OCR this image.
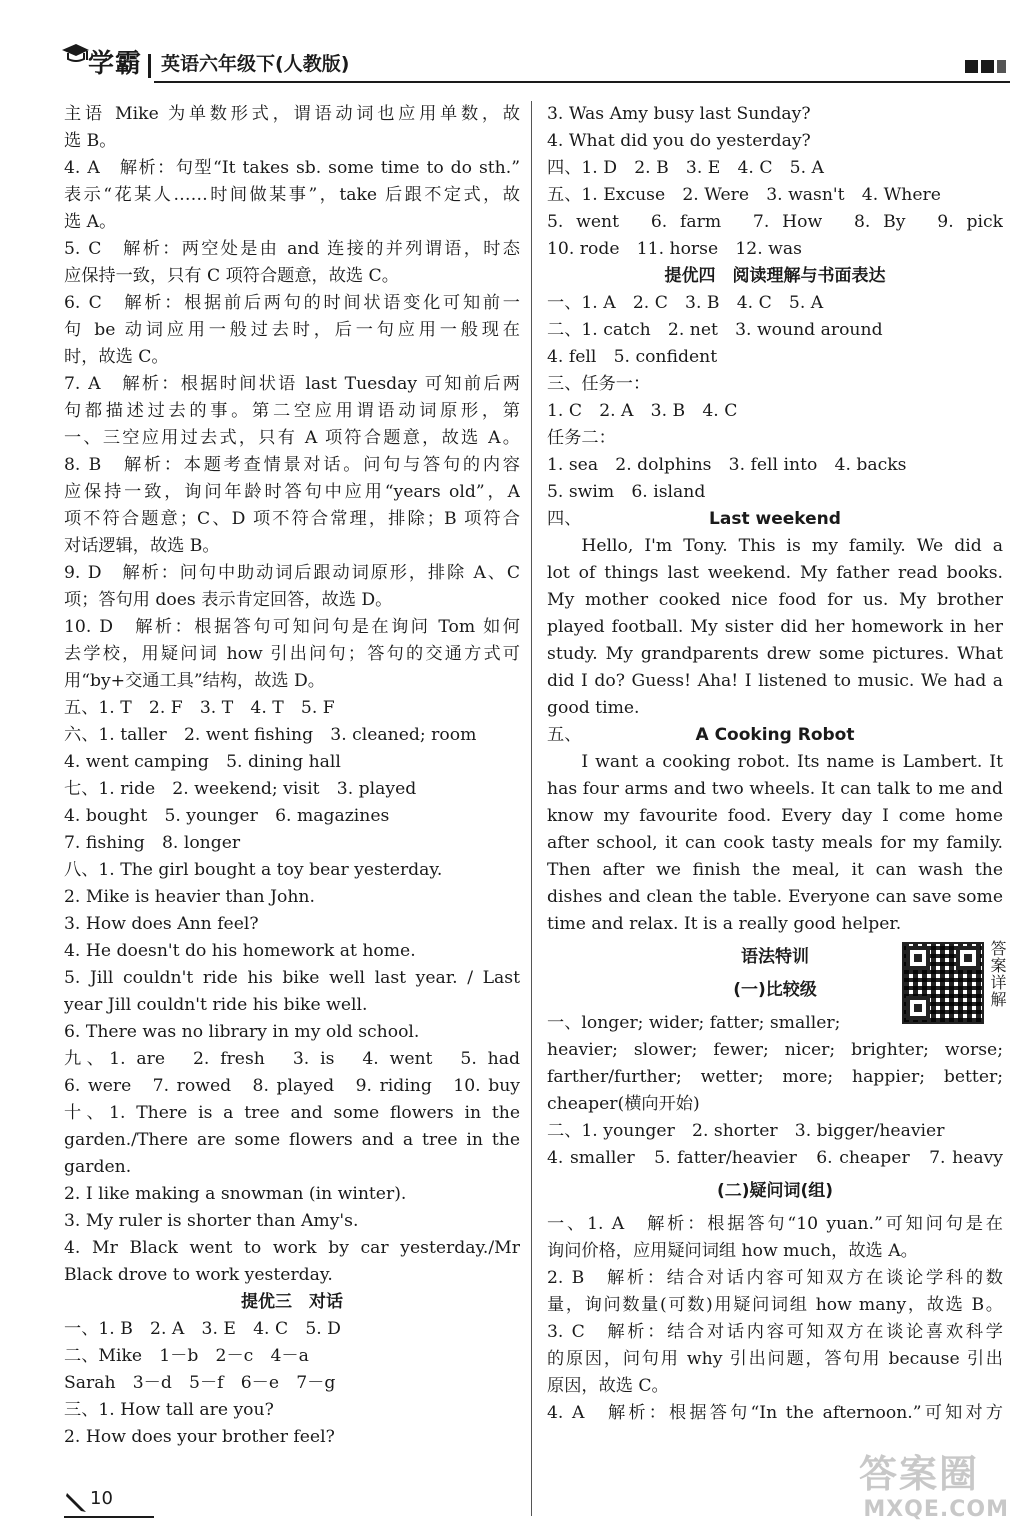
学霸 英语六年级下(人教版)
主语 Mike 为单数形式，谓语动词也应用单数，故
选 B。
4. A　解析：句型“It takes sb. some time to do sth.”
表示“花某人……时间做某事”，take 后跟不定式，故
选 A。
5. C　解析：两空处是由 and 连接的并列谓语，时态
应保持一致，只有 C 项符合题意，故选 C。
6. C　解析：根据前后两句的时间状语变化可知前一
句 be 动词应用一般过去时，后一句应用一般现在
时，故选 C。
7. A　解析：根据时间状语 last Tuesday 可知前后两
句都描述过去的事。第二空应用谓语动词原形，第
一、三空应用过去式，只有 A 项符合题意，故选 A。
8. B　解析：本题考查情景对话。问句与答句的内容
应保持一致，询问年龄时答句中应用“years old”，A
项不符合题意；C、D 项不符合常理，排除；B 项符合
对话逻辑，故选 B。
9. D　解析：问句中助动词后跟动词原形，排除 A、C
项；答句用 does 表示肯定回答，故选 D。
10. D　解析：根据答句可知问句是在询问 Tom 如何
去学校，用疑问词 how 引出问句；答句的交通方式可
用“by+交通工具”结构，故选 D。
五、1. T　2. F　3. T　4. T　5. F
六、1. taller　2. went fishing　3. cleaned; room
4. went camping　5. dining hall
七、1. ride　2. weekend; visit　3. played
4. bought　5. younger　6. magazines
7. fishing　8. longer
八、1. The girl bought a toy bear yesterday.
2. Mike is heavier than John.
3. How does Ann feel?
4. He doesn't do his homework at home.
5. Jill couldn't ride his bike well last year. / Last
year Jill couldn't ride his bike well.
6. There was no library in my old school.
九、1. are　2. fresh　3. is　4. went　5. had
6. were　7. rowed　8. played　9. riding　10. buy
十、1. There is a tree and some flowers in the
garden./There are some flowers and a tree in the
garden.
2. I like making a snowman (in winter).
3. My ruler is shorter than Amy's.
4. Mr Black went to work by car yesterday./Mr
Black drove to work yesterday.
提优三　对话
一、1. B　2. A　3. E　4. C　5. D
二、Mike　1－b　2－c　4－a
Sarah　3－d　5－f　6－e　7－g
三、1. How tall are you?
2. How does your brother feel?
3. Was Amy busy last Sunday?
4. What did you do yesterday?
四、1. D　2. B　3. E　4. C　5. A
五、1. Excuse　2. Were　3. wasn't　4. Where
5. went　6. farm　7. How　8. By　9. pick
10. rode　11. horse　12. was
提优四　阅读理解与书面表达
一、1. A　2. C　3. B　4. C　5. A
二、1. catch　2. net　3. wound around
4. fell　5. confident
三、任务一：
1. C　2. A　3. B　4. C
任务二：
1. sea　2. dolphins　3. fell into　4. backs
5. swim　6. island
四、	Last weekend
Hello, I'm Tony. This is my family. We did a
lot of things last weekend. My father read books.
My mother cooked nice food for us. My brother
played football. My sister did her homework in her
study. My grandparents drew some pictures. What
did I do? Guess! Aha! I listened to music. We had a
good time.
五、	A Cooking Robot
I want a cooking robot. Its name is Lambert. It
has four arms and two wheels. It can talk to me and
know my favourite food. Every day I come home
after school, it can cook tasty meals for my family.
Then after we finish the meal, it can wash the
dishes and clean the table. Everyone can save some
time and relax. It is a really good helper.
答案详解
语法特训
(一)比较级
一、longer; wider; fatter; smaller;
heavier; slower; fewer; nicer; brighter; worse;
farther/further; wetter; more; happier; better;
cheaper(横向开始)
二、1. younger　2. shorter　3. bigger/heavier
4. smaller　5. fatter/heavier　6. cheaper　7. heavy
(二)疑问词(组)
一、1. A　解析：根据答句“10 yuan.”可知问句是在
询问价格，应用疑问词组 how much，故选 A。
2. B　解析：结合对话内容可知双方在谈论学科的数
量，询问数量(可数)用疑问词组 how many，故选 B。
3. C　解析：结合对话内容可知双方在谈论喜欢科学
的原因，问句用 why 引出问题，答句用 because 引出
原因，故选 C。
4. A　解析：根据答句“In the afternoon.”可知对方
10
答案圈
MXQE.COM
